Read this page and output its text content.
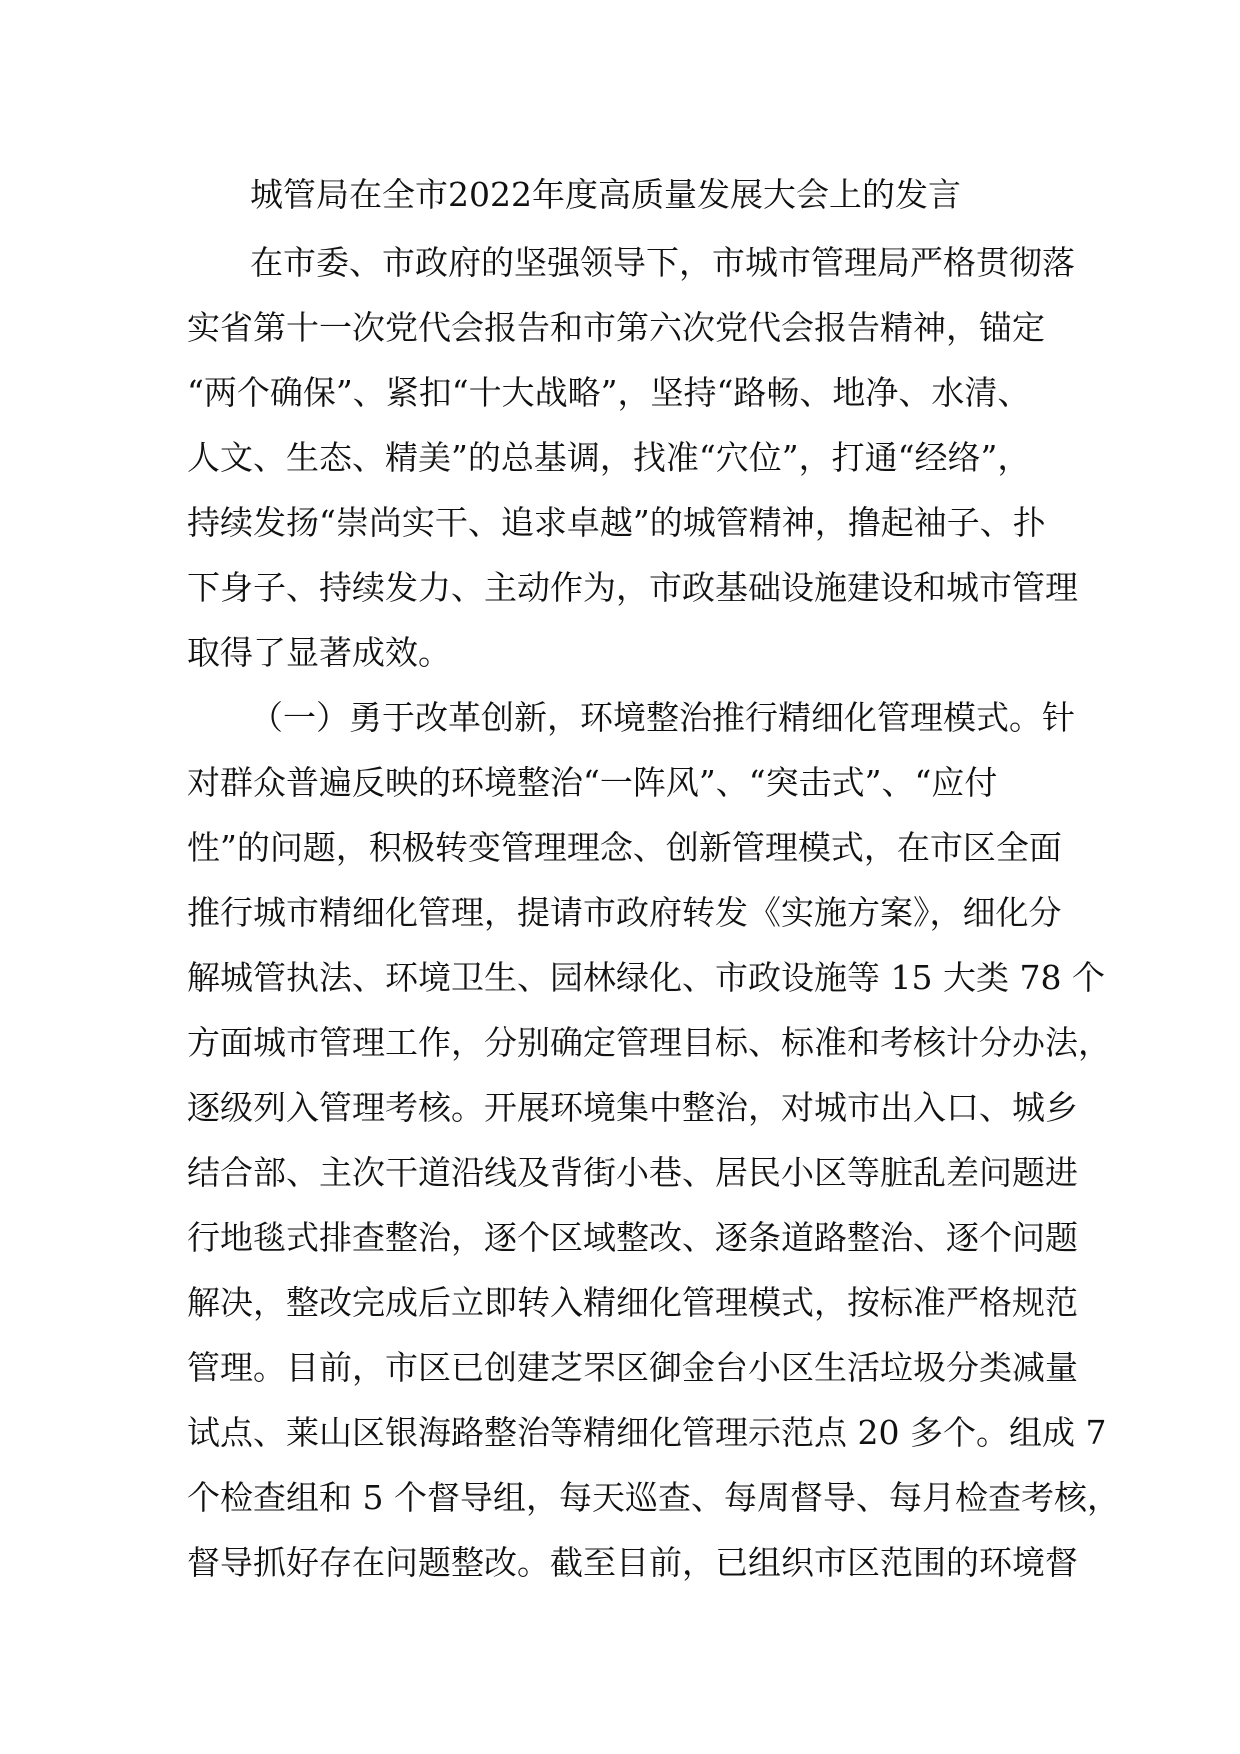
城管局在全市2022年度高质量发展大会上的发言
在市委、市政府的坚强领导下，市城市管理局严格贯彻落
实省第十一次党代会报告和市第六次党代会报告精神，锚定
“两个确保”、紧扣“十大战略”，坚持“路畅、地净、水清、
人文、生态、精美”的总基调，找准“穴位”，打通“经络”，
持续发扬“崇尚实干、追求卓越”的城管精神，撸起袖子、扑
下身子、持续发力、主动作为，市政基础设施建设和城市管理
取得了显著成效。
（一）勇于改革创新，环境整治推行精细化管理模式。针
对群众普遍反映的环境整治“一阵风”、“突击式”、“应付
性”的问题，积极转变管理理念、创新管理模式，在市区全面
推行城市精细化管理，提请市政府转发《实施方案》，细化分
解城管执法、环境卫生、园林绿化、市政设施等 15 大类 78 个
方面城市管理工作，分别确定管理目标、标准和考核计分办法，
逐级列入管理考核。开展环境集中整治，对城市出入口、城乡
结合部、主次干道沿线及背街小巷、居民小区等脏乱差问题进
行地毯式排查整治，逐个区域整改、逐条道路整治、逐个问题
解决，整改完成后立即转入精细化管理模式，按标准严格规范
管理。目前，市区已创建芝罘区御金台小区生活垃圾分类减量
试点、莱山区银海路整治等精细化管理示范点 20 多个。组成 7
个检查组和 5 个督导组，每天巡查、每周督导、每月检查考核，
督导抓好存在问题整改。截至目前，已组织市区范围的环境督
